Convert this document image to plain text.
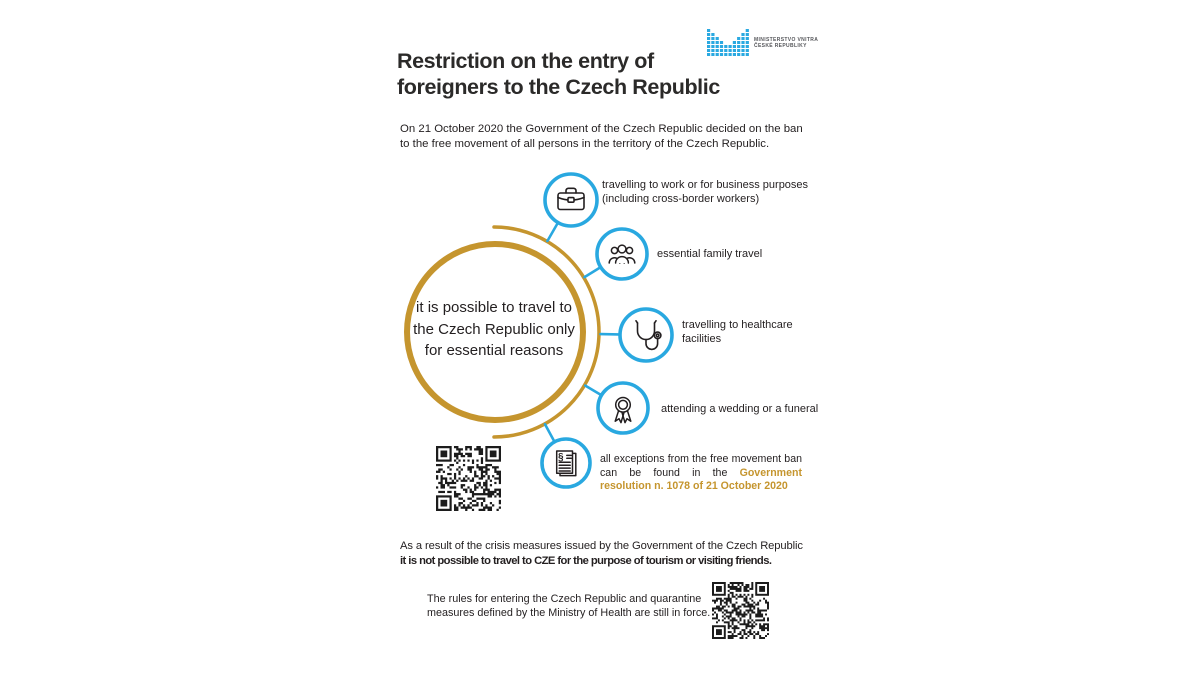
MINISTERSTVO VNITRA
ČESKÉ REPUBLIKY
Restriction on the entry of
foreigners to the Czech Republic

On 21 October 2020 the Government of the Czech Republic decided on the ban
to the free movement of all persons in the territory of the Czech Republic.

§
it is possible to travel to
the Czech Republic only
for essential reasons
travelling to work or for business purposes
(including cross-border workers)
essential family travel
travelling to healthcare
facilities
attending a wedding or a funeral
all exceptions from the free movement ban can be found in the Government resolution n. 1078 of 21 October 2020

As a result of the crisis measures issued by the Government of the Czech Republic
it is not possible to travel to CZE for the purpose of tourism or visiting friends.

The rules for entering the Czech Republic and quarantine
measures defined by the Ministry of Health are still in force.
